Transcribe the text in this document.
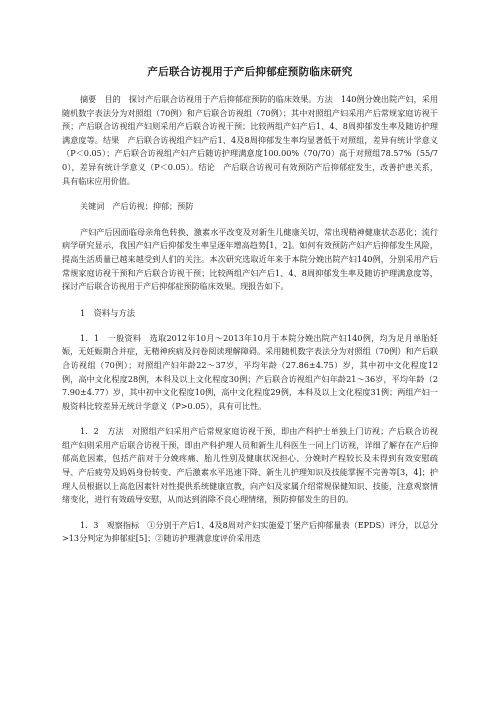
产后联合访视用于产后抑郁症预防临床研究

摘要　目的　探讨产后联合访视用于产后抑郁症预防的临床效果。方法　140例分娩出院产妇，采用随机数字表法分为对照组（70例）和产后联合访视组（70例）；其中对照组产妇采用产后常规家庭访视干预；产后联合访视组产妇则采用产后联合访视干预；比较两组产妇产后1、4、8周抑郁发生率及随访护理满意度等。结果　产后联合访视组产妇产后1、4及8周抑郁发生率均显著低于对照组，差异有统计学意义（P＜0.05）；产后联合访视组产妇产后随访护理满意度100.00%（70/70）高于对照组78.57%（55/70），差异有统计学意义（P＜0.05）。结论　产后联合访视可有效预防产后抑郁症发生，改善护患关系，具有临床应用价值。

关键词　产后访视；抑郁；预防

产妇产后因面临母亲角色转换、激素水平改变及对新生儿健康关切，常出现精神健康状态恶化；流行病学研究显示，我国产妇产后抑郁发生率呈逐年增高趋势[1，2]。如何有效预防产妇产后抑郁发生风险，提高生活质量已越来越受到人们的关注。本次研究选取近年来于本院分娩出院产妇140例，分别采用产后常规家庭访视干预和产后联合访视干预；比较两组产妇产后1、4、8周抑郁发生率及随访护理满意度等，探讨产后联合访视用于产后抑郁症预防临床效果。现报告如下。

1　资料与方法

1．1　一般资料　选取2012年10月～2013年10月于本院分娩出院产妇140例，均为足月单胎妊娠，无妊娠期合并症，无精神疾病及问卷阅读理解障碍。采用随机数字表法分为对照组（70例）和产后联合访视组（70例）；对照组产妇年龄22～37岁，平均年龄（27.86±4.75）岁，其中初中文化程度12例，高中文化程度28例，本科及以上文化程度30例；产后联合访视组产妇年龄21～36岁，平均年龄（27.90±4.77）岁，其中初中文化程度10例，高中文化程度29例，本科及以上文化程度31例；两组产妇一般资料比较差异无统计学意义（P>0.05），具有可比性。

1．2　方法　对照组产妇采用产后常规家庭访视干预，即由产科护士单独上门访视；产后联合访视组产妇则采用产后联合访视干预，即由产科护理人员和新生儿科医生一同上门访视，详细了解存在产后抑郁高危因素，包括产前对于分娩疼痛、胎儿性别及健康状况担心、分娩时产程较长及未得到有效安慰疏导、产后疲劳及妈妈身份转变、产后激素水平迅速下降、新生儿护理知识及技能掌握不完善等[3，4]；护理人员根据以上高危因素针对性提供系统健康宣教，向产妇及家属介绍常规保健知识、技能，注意观察情绪变化，进行有效疏导安慰，从而达到消除不良心理情绪，预防抑郁发生的目的。

1．3　观察指标　①分别于产后1、4及8周对产妇实施爱丁堡产后抑郁量表（EPDS）评分，以总分>13分判定为抑郁症[5]；②随访护理满意度评价采用迭
